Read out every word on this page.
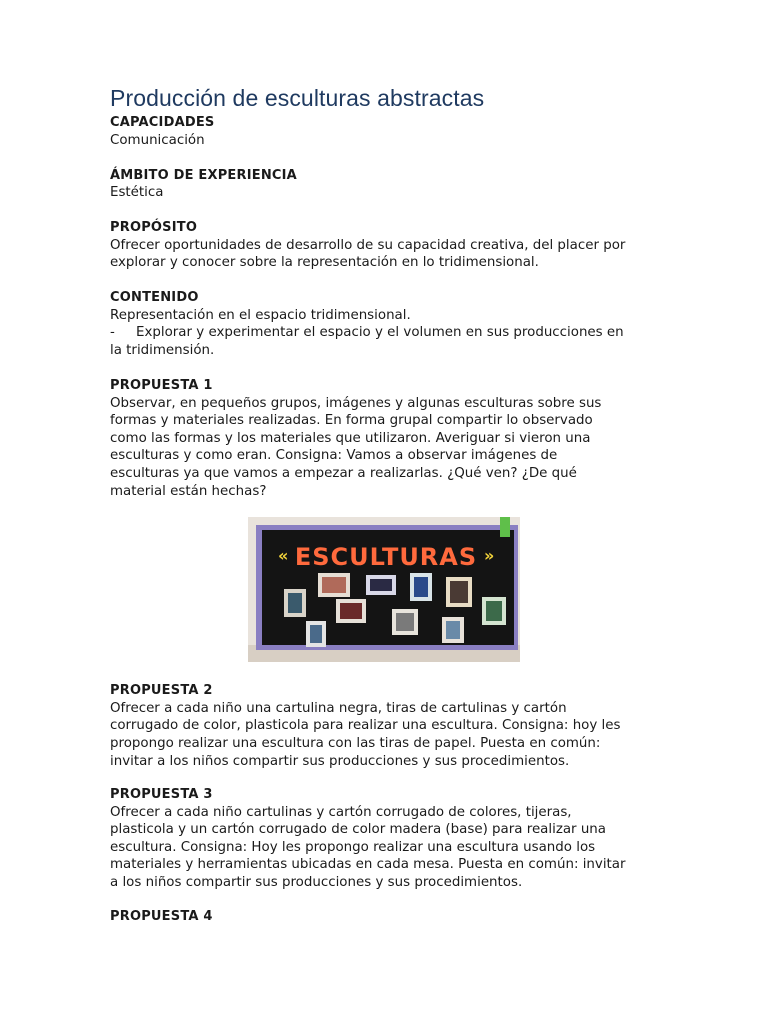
Producción de esculturas abstractas

CAPACIDADES

Comunicación

ÁMBITO DE EXPERIENCIA

Estética

PROPÓSITO

Ofrecer oportunidades de desarrollo de su capacidad creativa, del placer por

explorar y conocer sobre la representación en lo tridimensional.

CONTENIDO

Representación en el espacio tridimensional.

- Explorar y experimentar el espacio y el volumen en sus producciones en

la tridimensión.

PROPUESTA 1

Observar, en pequeños grupos, imágenes y algunas esculturas sobre sus

formas y materiales realizadas. En forma grupal compartir lo observado

como las formas y los materiales que utilizaron. Averiguar si vieron una

esculturas y como eran. Consigna: Vamos a observar imágenes de

esculturas ya que vamos a empezar a realizarlas. ¿Qué ven? ¿De qué

material están hechas?

ESCULTURAS
«	»

PROPUESTA 2

Ofrecer a cada niño una cartulina negra, tiras de cartulinas y cartón

corrugado de color, plasticola para realizar una escultura. Consigna: hoy les

propongo realizar una escultura con las tiras de papel. Puesta en común:

invitar a los niños compartir sus producciones y sus procedimientos.

PROPUESTA 3

Ofrecer a cada niño cartulinas y cartón corrugado de colores, tijeras,

plasticola y un cartón corrugado de color madera (base) para realizar una

escultura. Consigna: Hoy les propongo realizar una escultura usando los

materiales y herramientas ubicadas en cada mesa. Puesta en común: invitar

a los niños compartir sus producciones y sus procedimientos.

PROPUESTA 4
